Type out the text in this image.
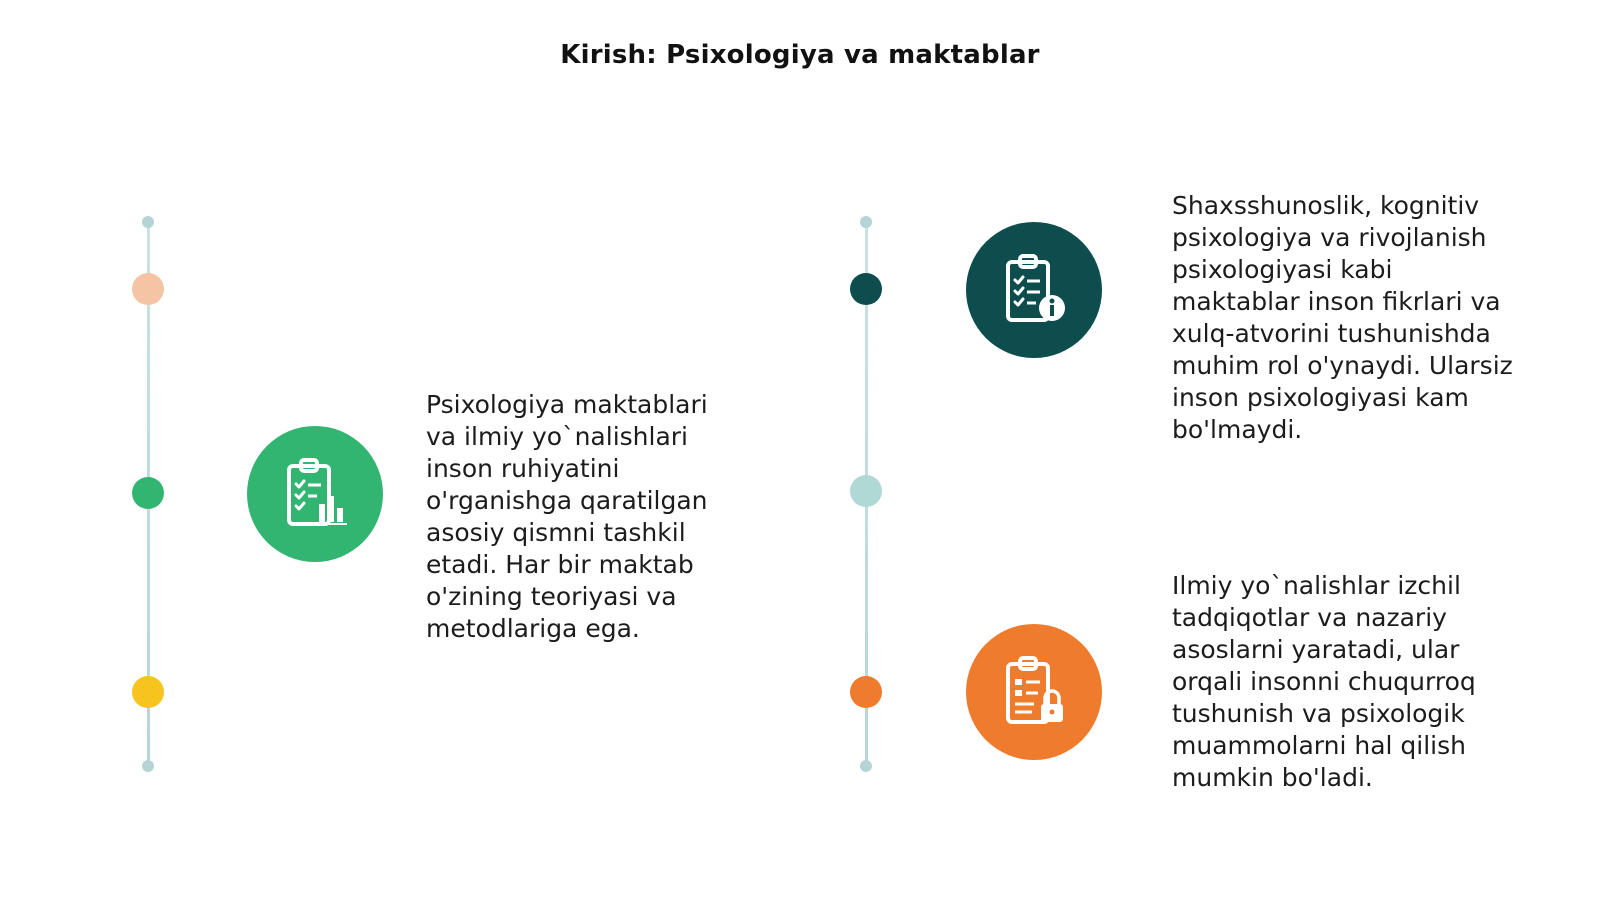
Kirish: Psixologiya va maktablar
Psixologiya maktablari
va ilmiy yo`nalishlari
inson ruhiyatini
o'rganishga qaratilgan
asosiy qismni tashkil
etadi. Har bir maktab
o'zining teoriyasi va
metodlariga ega.
Shaxsshunoslik, kognitiv
psixologiya va rivojlanish
psixologiyasi kabi
maktablar inson fikrlari va
xulq-atvorini tushunishda
muhim rol o'ynaydi. Ularsiz
inson psixologiyasi kam
bo'lmaydi.
Ilmiy yo`nalishlar izchil
tadqiqotlar va nazariy
asoslarni yaratadi, ular
orqali insonni chuqurroq
tushunish va psixologik
muammolarni hal qilish
mumkin bo'ladi.
